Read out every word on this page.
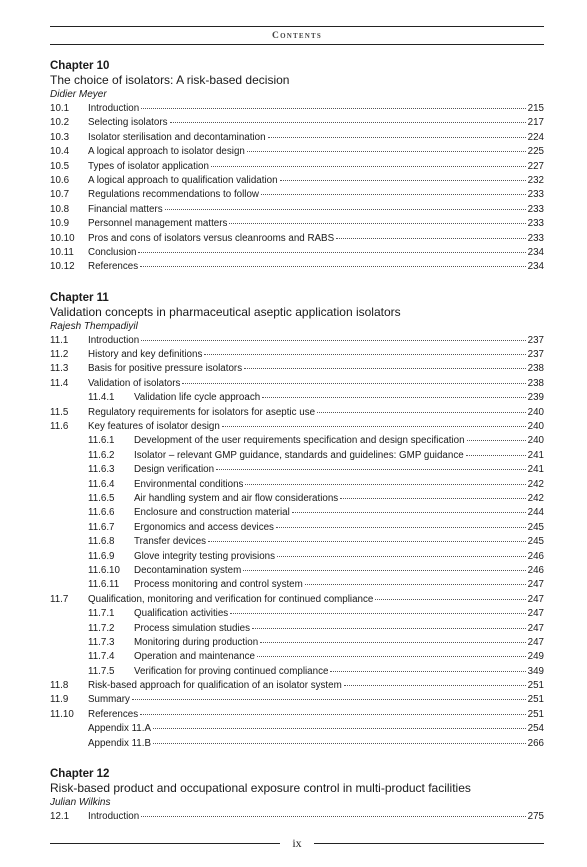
Contents
Chapter 10
The choice of isolators: A risk-based decision
Didier Meyer
10.1	Introduction	215
10.2	Selecting isolators	217
10.3	Isolator sterilisation and decontamination	224
10.4	A logical approach to isolator design	225
10.5	Types of isolator application	227
10.6	A logical approach to qualification validation	232
10.7	Regulations recommendations to follow	233
10.8	Financial matters	233
10.9	Personnel management matters	233
10.10	Pros and cons of isolators versus cleanrooms and RABS	233
10.11	Conclusion	234
10.12	References	234
Chapter 11
Validation concepts in pharmaceutical aseptic application isolators
Rajesh Thempadiyil
11.1	Introduction	237
11.2	History and key definitions	237
11.3	Basis for positive pressure isolators	238
11.4	Validation of isolators	238
11.4.1	Validation life cycle approach	239
11.5	Regulatory requirements for isolators for aseptic use	240
11.6	Key features of isolator design	240
11.6.1	Development of the user requirements specification and design specification	240
11.6.2	Isolator – relevant GMP guidance, standards and guidelines: GMP guidance	241
11.6.3	Design verification	241
11.6.4	Environmental conditions	242
11.6.5	Air handling system and air flow considerations	242
11.6.6	Enclosure and construction material	244
11.6.7	Ergonomics and access devices	245
11.6.8	Transfer devices	245
11.6.9	Glove integrity testing provisions	246
11.6.10	Decontamination system	246
11.6.11	Process monitoring and control system	247
11.7	Qualification, monitoring and verification for continued compliance	247
11.7.1	Qualification activities	247
11.7.2	Process simulation studies	247
11.7.3	Monitoring during production	247
11.7.4	Operation and maintenance	249
11.7.5	Verification for proving continued compliance	349
11.8	Risk-based approach for qualification of an isolator system	251
11.9	Summary	251
11.10	References	251
Appendix 11.A	254
Appendix 11.B	266
Chapter 12
Risk-based product and occupational exposure control in multi-product facilities
Julian Wilkins
12.1	Introduction	275
ix
